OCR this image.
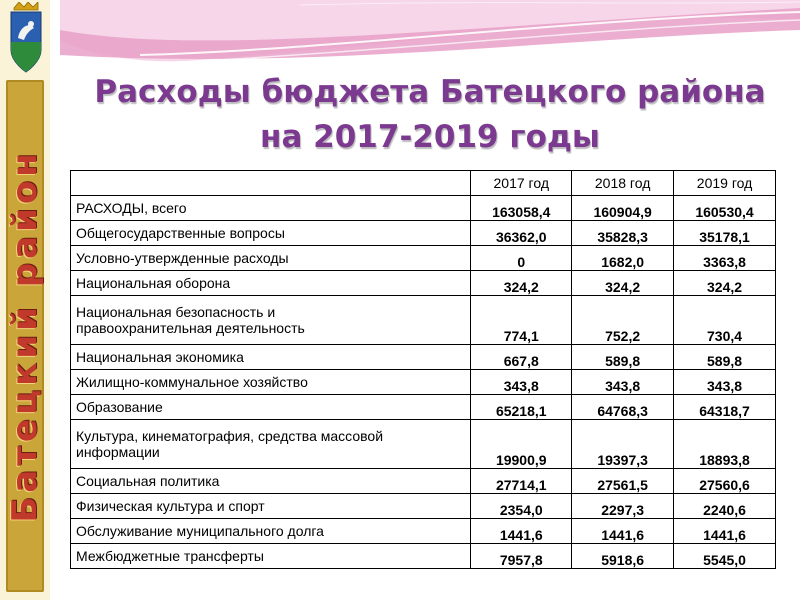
Батецкий район
Расходы бюджета Батецкого района
на 2017-2019 годы
	2017 год	2018 год	2019 год
РАСХОДЫ, всего	163058,4	160904,9	160530,4
Общегосударственные вопросы	36362,0	35828,3	35178,1
Условно-утвержденные расходы	0	1682,0	3363,8
Национальная оборона	324,2	324,2	324,2

Национальная безопасность и
правоохранительная деятельность	774,1	752,2	730,4
Национальная экономика	667,8	589,8	589,8
Жилищно-коммунальное хозяйство	343,8	343,8	343,8
Образование	65218,1	64768,3	64318,7

Культура, кинематография, средства массовой
информации	19900,9	19397,3	18893,8
Социальная политика	27714,1	27561,5	27560,6
Физическая культура и спорт	2354,0	2297,3	2240,6
Обслуживание муниципального долга	1441,6	1441,6	1441,6
Межбюджетные трансферты	7957,8	5918,6	5545,0
